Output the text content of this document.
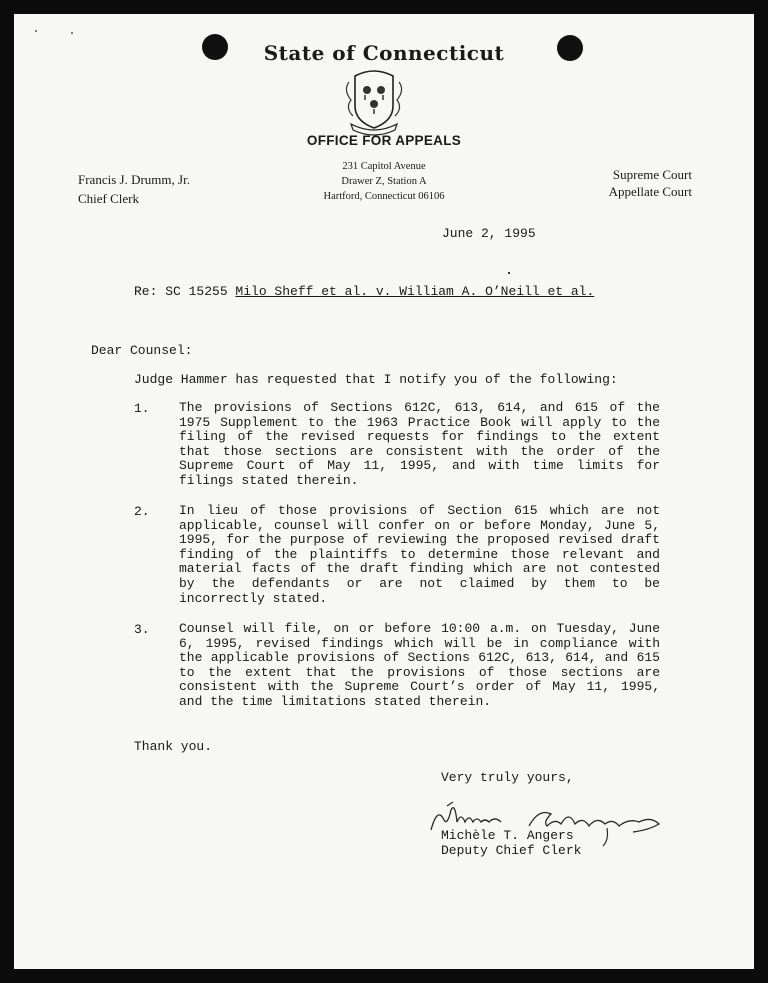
State of Connecticut
OFFICE FOR APPEALS
231 Capitol Avenue
Drawer Z, Station A
Hartford, Connecticut 06106
Francis J. Drumm, Jr.
Chief Clerk
Supreme Court
Appellate Court
June 2, 1995
Re: SC 15255 Milo Sheff et al. v. William A. O’Neill et al.
Dear Counsel:
Judge Hammer has requested that I notify you of the following:
1. The provisions of Sections 612C, 613, 614, and 615 of the 1975 Supplement to the 1963 Practice Book will apply to the filing of the revised requests for findings to the extent that those sections are consistent with the order of the Supreme Court of May 11, 1995, and with time limits for filings stated therein.
2. In lieu of those provisions of Section 615 which are not applicable, counsel will confer on or before Monday, June 5, 1995, for the purpose of reviewing the proposed revised draft finding of the plaintiffs to determine those relevant and material facts of the draft finding which are not contested by the defendants or are not claimed by them to be incorrectly stated.
3. Counsel will file, on or before 10:00 a.m. on Tuesday, June 6, 1995, revised findings which will be in compliance with the applicable provisions of Sections 612C, 613, 614, and 615 to the extent that the provisions of those sections are consistent with the Supreme Court’s order of May 11, 1995, and the time limitations stated therein.
Thank you.
Very truly yours,
Michèle T. Angers
Deputy Chief Clerk
